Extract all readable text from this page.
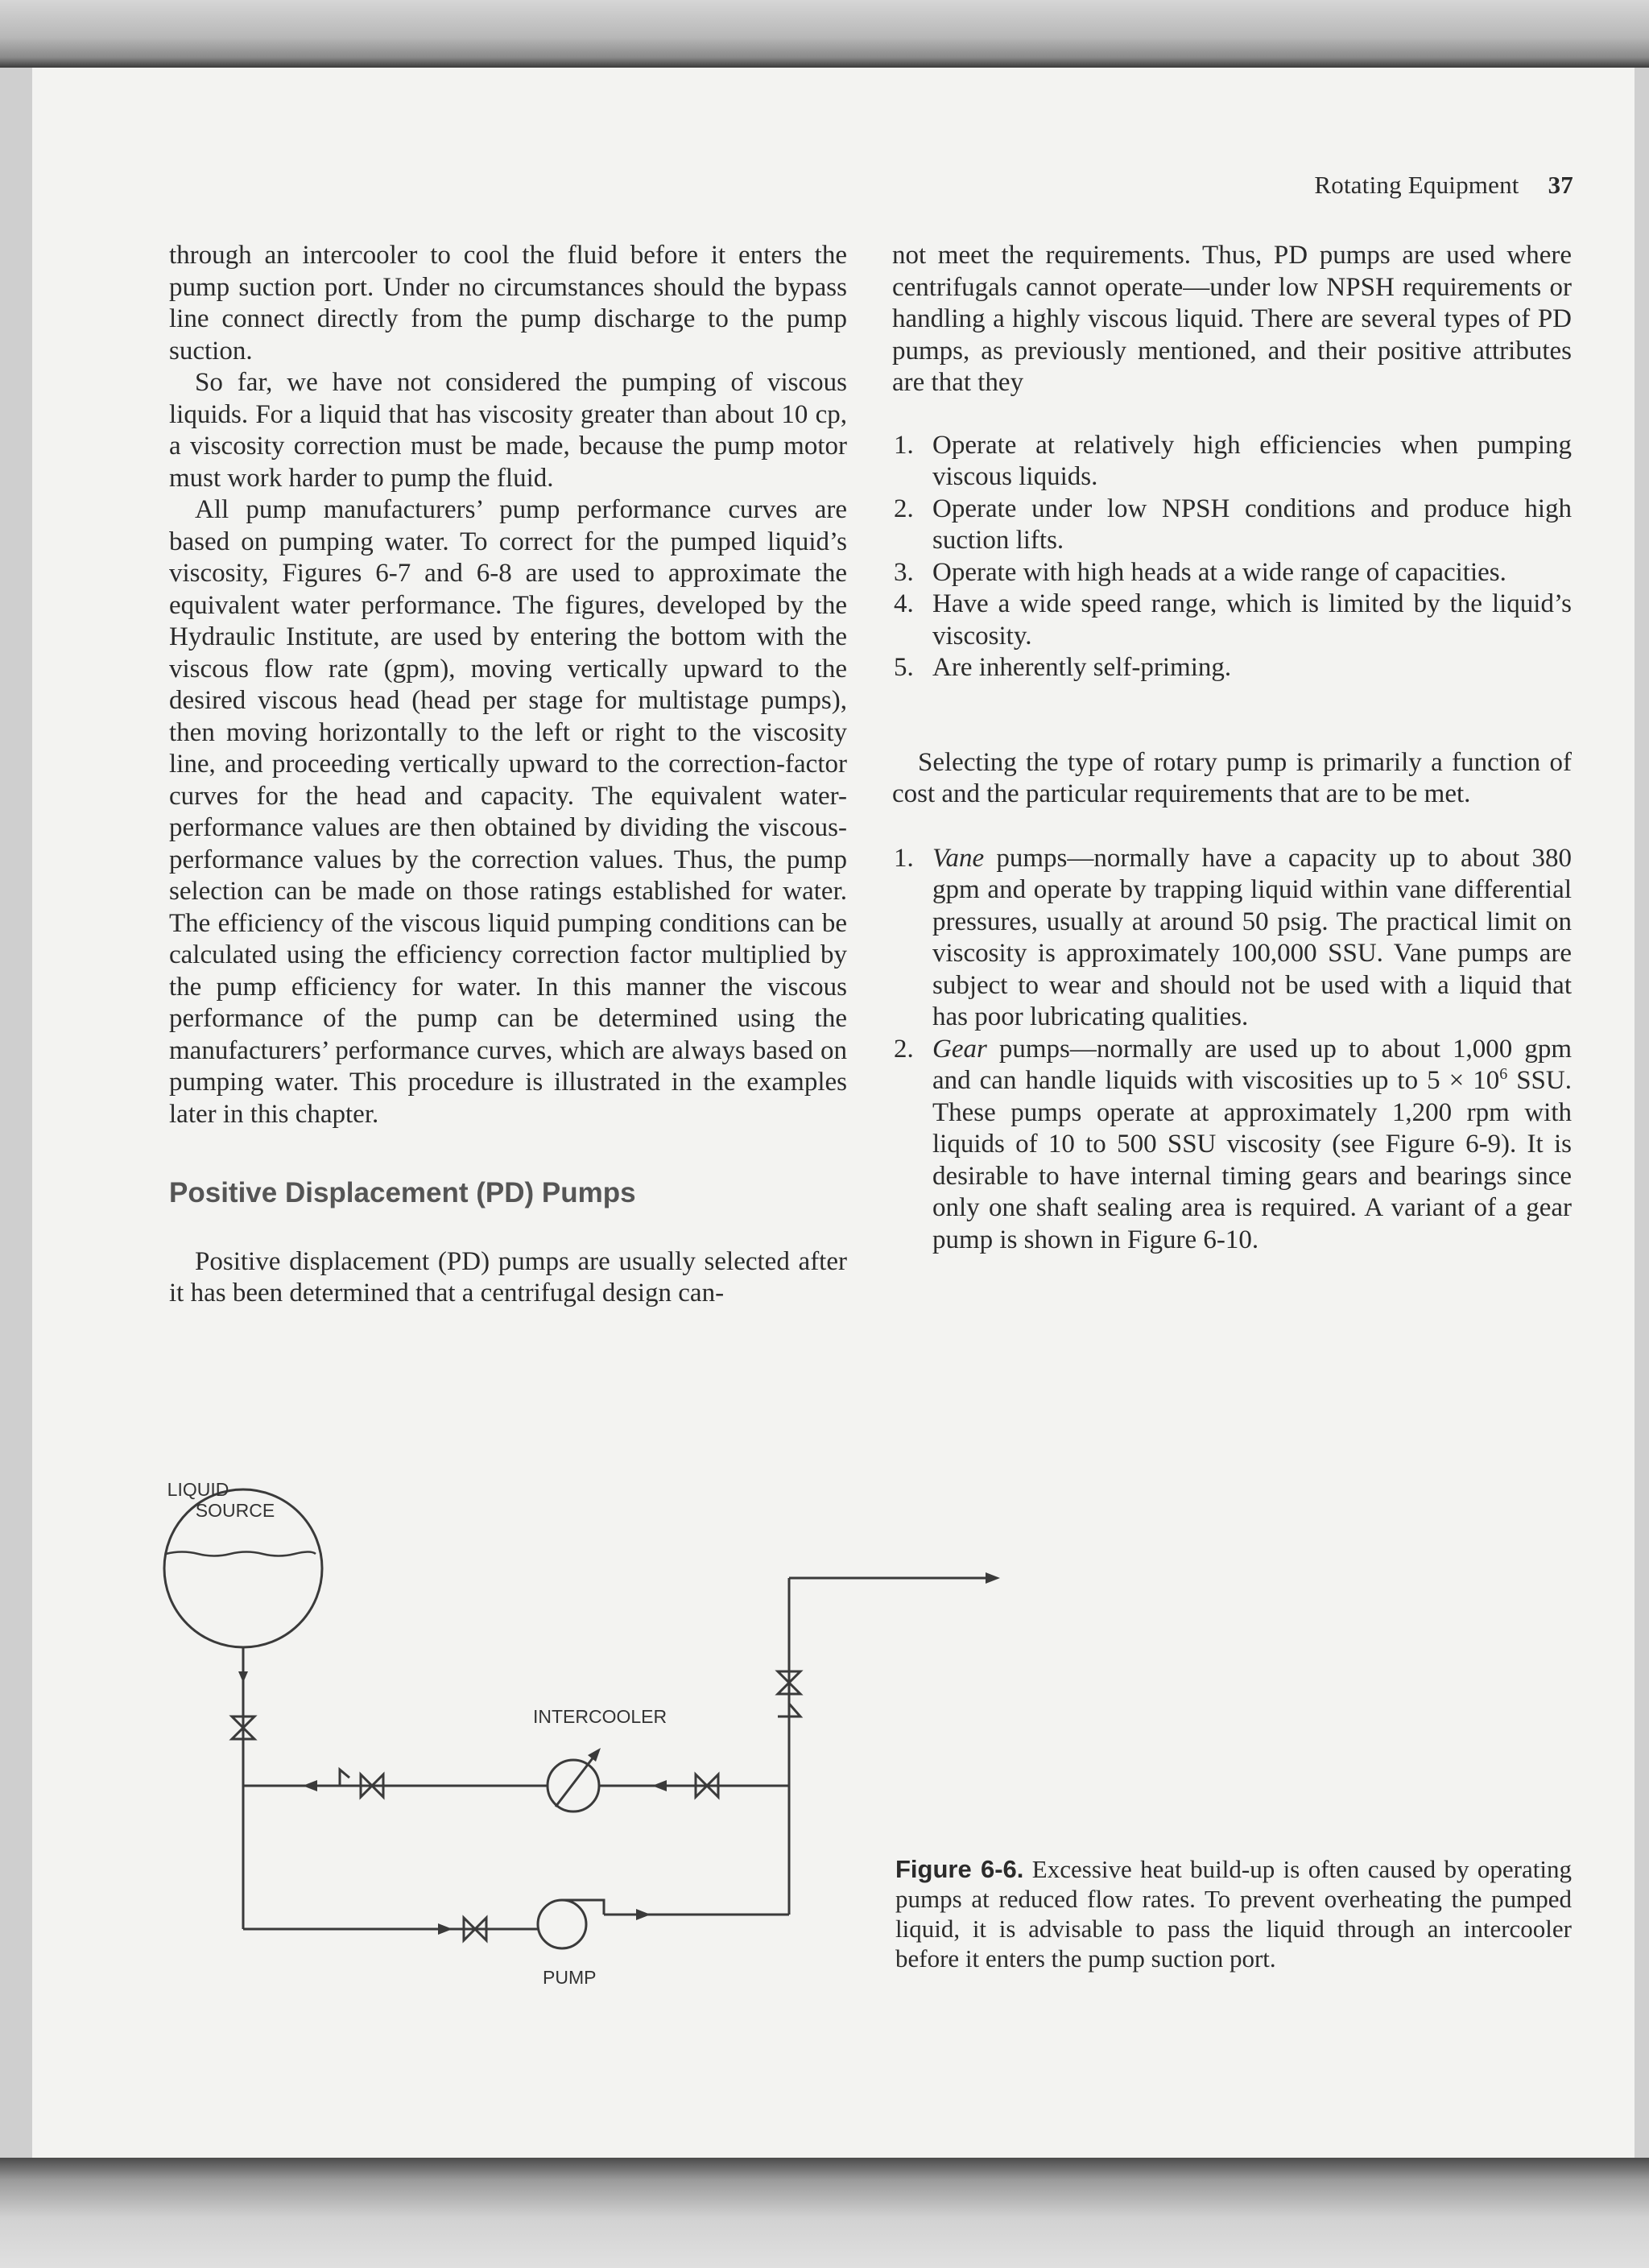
Rotating Equipment 37

through an intercooler to cool the fluid before it enters the pump suction port. Under no circumstances should the bypass line connect directly from the pump discharge to the pump suction.

So far, we have not considered the pumping of viscous liquids. For a liquid that has viscosity greater than about 10 cp, a viscosity correction must be made, because the pump motor must work harder to pump the fluid.

All pump manufacturers’ pump performance curves are based on pumping water. To correct for the pumped liquid’s viscosity, Figures 6-7 and 6-8 are used to approximate the equivalent water performance. The figures, developed by the Hydraulic Institute, are used by entering the bottom with the viscous flow rate (gpm), moving vertically upward to the desired viscous head (head per stage for multistage pumps), then moving horizontally to the left or right to the viscosity line, and proceeding vertically upward to the correction-factor curves for the head and capacity. The equivalent water-performance values are then obtained by dividing the viscous-performance values by the correction values. Thus, the pump selection can be made on those ratings established for water. The efficiency of the viscous liquid pumping conditions can be calculated using the efficiency correction factor multiplied by the pump efficiency for water. In this manner the viscous performance of the pump can be determined using the manufacturers’ performance curves, which are always based on pumping water. This procedure is illustrated in the examples later in this chapter.

Positive Displacement (PD) Pumps

Positive displacement (PD) pumps are usually selected after it has been determined that a centrifugal design can-

not meet the requirements. Thus, PD pumps are used where centrifugals cannot operate—under low NPSH requirements or handling a highly viscous liquid. There are several types of PD pumps, as previously mentioned, and their positive attributes are that they

1. Operate at relatively high efficiencies when pumping viscous liquids.
2. Operate under low NPSH conditions and produce high suction lifts.
3. Operate with high heads at a wide range of capacities.
4. Have a wide speed range, which is limited by the liquid’s viscosity.
5. Are inherently self-priming.

Selecting the type of rotary pump is primarily a function of cost and the particular requirements that are to be met.

1. Vane pumps—normally have a capacity up to about 380 gpm and operate by trapping liquid within vane differential pressures, usually at around 50 psig. The practical limit on viscosity is approximately 100,000 SSU. Vane pumps are subject to wear and should not be used with a liquid that has poor lubricating qualities.
2. Gear pumps—normally are used up to about 1,000 gpm and can handle liquids with viscosities up to $5 \times 10^6$ SSU. These pumps operate at approximately 1,200 rpm with liquids of 10 to 500 SSU viscosity (see Figure 6-9). It is desirable to have internal timing gears and bearings since only one shaft sealing area is required. A variant of a gear pump is shown in Figure 6-10.
LIQUID
SOURCE
INTERCOOLER
PUMP
Figure 6-6. Excessive heat build-up is often caused by operating pumps at reduced flow rates. To prevent overheating the pumped liquid, it is advisable to pass the liquid through an intercooler before it enters the pump suction port.
